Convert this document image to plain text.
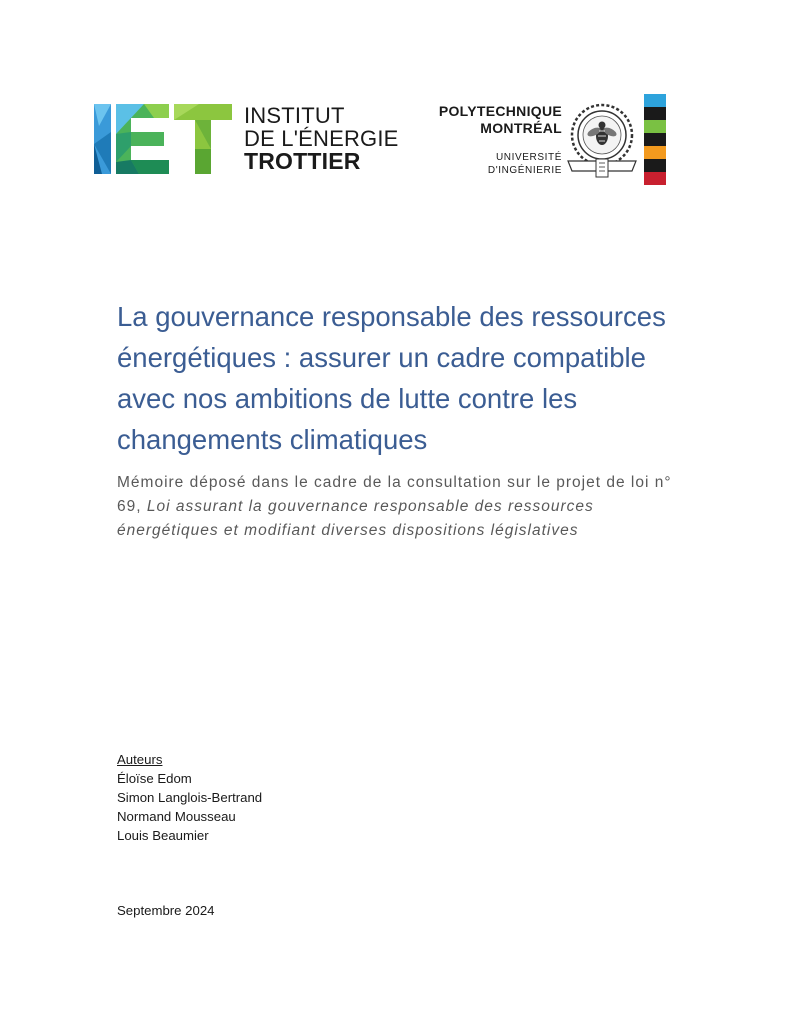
INSTITUT
DE L'ÉNERGIE
TROTTIER
POLYTECHNIQUE
MONTRÉAL
UNIVERSITÉ
D'INGÉNIERIE
La gouvernance responsable des ressources énergétiques : assurer un cadre compatible avec nos ambitions de lutte contre les changements climatiques
Mémoire déposé dans le cadre de la consultation sur le projet de loi n° 69, Loi assurant la gouvernance responsable des ressources énergétiques et modifiant diverses dispositions législatives
Auteurs
Éloïse Edom
Simon Langlois-Bertrand
Normand Mousseau
Louis Beaumier
Septembre 2024
